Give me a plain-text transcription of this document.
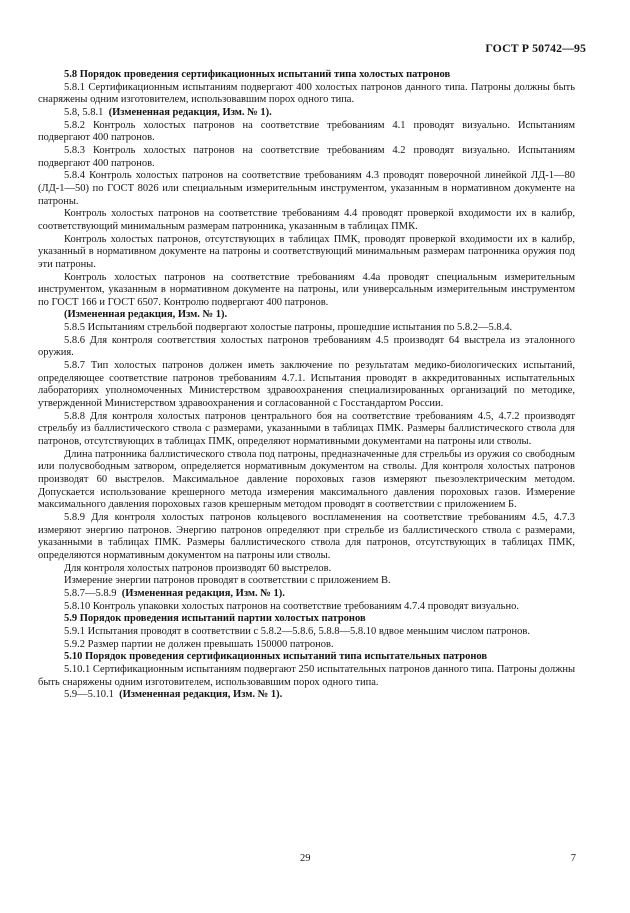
ГОСТ Р 50742—95

5.8 Порядок проведения сертификационных испытаний типа холостых патронов

5.8.1 Сертификационным испытаниям подвергают 400 холостых патронов данного типа. Патроны должны быть снаряжены одним изготовителем, использовавшим порох одного типа.

5.8, 5.8.1 (Измененная редакция, Изм. № 1).

5.8.2 Контроль холостых патронов на соответствие требованиям 4.1 проводят визуально. Испытаниям подвергают 400 патронов.

5.8.3 Контроль холостых патронов на соответствие требованиям 4.2 проводят визуально. Испытаниям подвергают 400 патронов.

5.8.4 Контроль холостых патронов на соответствие требованиям 4.3 проводят поверочной линейкой ЛД-1—80 (ЛД-1—50) по ГОСТ 8026 или специальным измерительным инструментом, указанным в нормативном документе на патроны.

Контроль холостых патронов на соответствие требованиям 4.4 проводят проверкой входимости их в калибр, соответствующий минимальным размерам патронника, указанным в таблицах ПМК.

Контроль холостых патронов, отсутствующих в таблицах ПМК, проводят проверкой входимости их в калибр, указанный в нормативном документе на патроны и соответствующий минимальным размерам патронника оружия под эти патроны.

Контроль холостых патронов на соответствие требованиям 4.4а проводят специальным измерительным инструментом, указанным в нормативном документе на патроны, или универсальным измерительным инструментом по ГОСТ 166 и ГОСТ 6507. Контролю подвергают 400 патронов.

(Измененная редакция, Изм. № 1).

5.8.5 Испытаниям стрельбой подвергают холостые патроны, прошедшие испытания по 5.8.2—5.8.4.

5.8.6 Для контроля соответствия холостых патронов требованиям 4.5 производят 64 выстрела из эталонного оружия.

5.8.7 Тип холостых патронов должен иметь заключение по результатам медико-биологических испытаний, определяющее соответствие патронов требованиям 4.7.1. Испытания проводят в аккредитованных испытательных лабораториях уполномоченных Министерством здравоохранения специализированных организаций по методике, утвержденной Министерством здравоохранения и согласованной с Госстандартом России.

5.8.8 Для контроля холостых патронов центрального боя на соответствие требованиям 4.5, 4.7.2 производят стрельбу из баллистического ствола с размерами, указанными в таблицах ПМК. Размеры баллистического ствола для патронов, отсутствующих в таблицах ПМК, определяют нормативными документами на патроны или стволы.

Длина патронника баллистического ствола под патроны, предназначенные для стрельбы из оружия со свободным или полусвободным затвором, определяется нормативным документом на стволы. Для контроля холостых патронов производят 60 выстрелов. Максимальное давление пороховых газов измеряют пьезоэлектрическим методом. Допускается использование крешерного метода измерения максимального давления пороховых газов. Измерение максимального давления пороховых газов крешерным методом проводят в соответствии с приложением Б.

5.8.9 Для контроля холостых патронов кольцевого воспламенения на соответствие требованиям 4.5, 4.7.3 измеряют энергию патронов. Энергию патронов определяют при стрельбе из баллистического ствола с размерами, указанными в таблицах ПМК. Размеры баллистического ствола для патронов, отсутствующих в таблицах ПМК, определяются нормативным документом на патроны или стволы.

Для контроля холостых патронов производят 60 выстрелов.

Измерение энергии патронов проводят в соответствии с приложением В.

5.8.7—5.8.9 (Измененная редакция, Изм. № 1).

5.8.10 Контроль упаковки холостых патронов на соответствие требованиям 4.7.4 проводят визуально.

5.9 Порядок проведения испытаний партии холостых патронов

5.9.1 Испытания проводят в соответствии с 5.8.2—5.8.6, 5.8.8—5.8.10 вдвое меньшим числом патронов.

5.9.2 Размер партии не должен превышать 150000 патронов.

5.10 Порядок проведения сертификационных испытаний типа испытательных патронов

5.10.1 Сертификационным испытаниям подвергают 250 испытательных патронов данного типа. Патроны должны быть снаряжены одним изготовителем, использовавшим порох одного типа.

5.9—5.10.1 (Измененная редакция, Изм. № 1).

29	7
